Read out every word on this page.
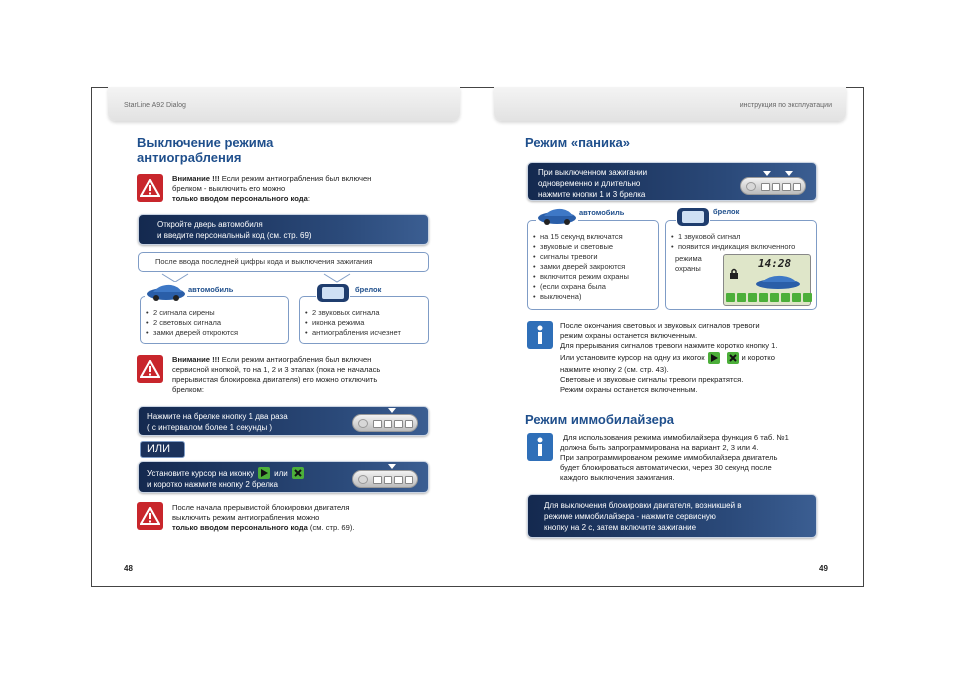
StarLine A92 Dialog	инструкция по эксплуатации
Выключение режима
антиограбления
Внимание !!! Если режим антиограбления был включен
брелком - выключить его можно
только вводом персонального кода:
Откройте дверь автомобиля
и введите персональный код (см. стр. 69)
После ввода последней цифры кода и выключения зажигания
• 2 сигнала сирены
• 2 световых сигнала
• замки дверей откроются
автомобиль
• 2 звуковых сигнала
• иконка режима
• антиограбления исчезнет
брелок
Внимание !!! Если режим антиограбления был включен
сервисной кнопкой, то на 1, 2 и 3 этапах (пока не началась
прерывистая блокировка двигателя) его можно отключить
брелком:
Нажмите на брелке кнопку 1 два раза
( с интервалом более 1 секунды )
ИЛИ
Установите курсор на иконку	или
и коротко нажмите кнопку 2 брелка
После начала прерывистой блокировки двигателя
выключить режим антиограбления можно
только вводом персонального кода (см. стр. 69).
48
Режим «паника»
При выключенном зажигании
одновременно и длительно
нажмите кнопки 1 и 3 брелка
• на 15 секунд включатся
• звуковые и световые
• сигналы тревоги
• замки дверей закроются
• включится режим охраны
• (если охрана была
• выключена)
автомобиль
• 1 звуковой сигнал
• появится индикация включенного
режима
охраны	14:28
брелок
После окончания световых и звуковых сигналов тревоги
режим охраны останется включенным.
Для прерывания сигналов тревоги нажмите коротко кнопку 1.
Или установите курсор на одну из икогок	и коротко
нажмите кнопку 2 (см. стр. 43).
Световые и звуковые сигналы тревоги прекратятся.
Режим охраны останется включенным.
Режим иммобилайзера
Для использования режима иммобилайзера функция 6 таб. №1
должна быть запрограммирована на вариант 2, 3 или 4.
При запрограммированом режиме иммобилайзера двигатель
будет блокироваться автоматически, через 30 секунд после
каждого выключения зажигания.
Для выключения блокировки двигателя, возникшей в
режиме иммобилайзера - нажмите сервисную
кнопку на 2 с, затем включите зажигание
49
